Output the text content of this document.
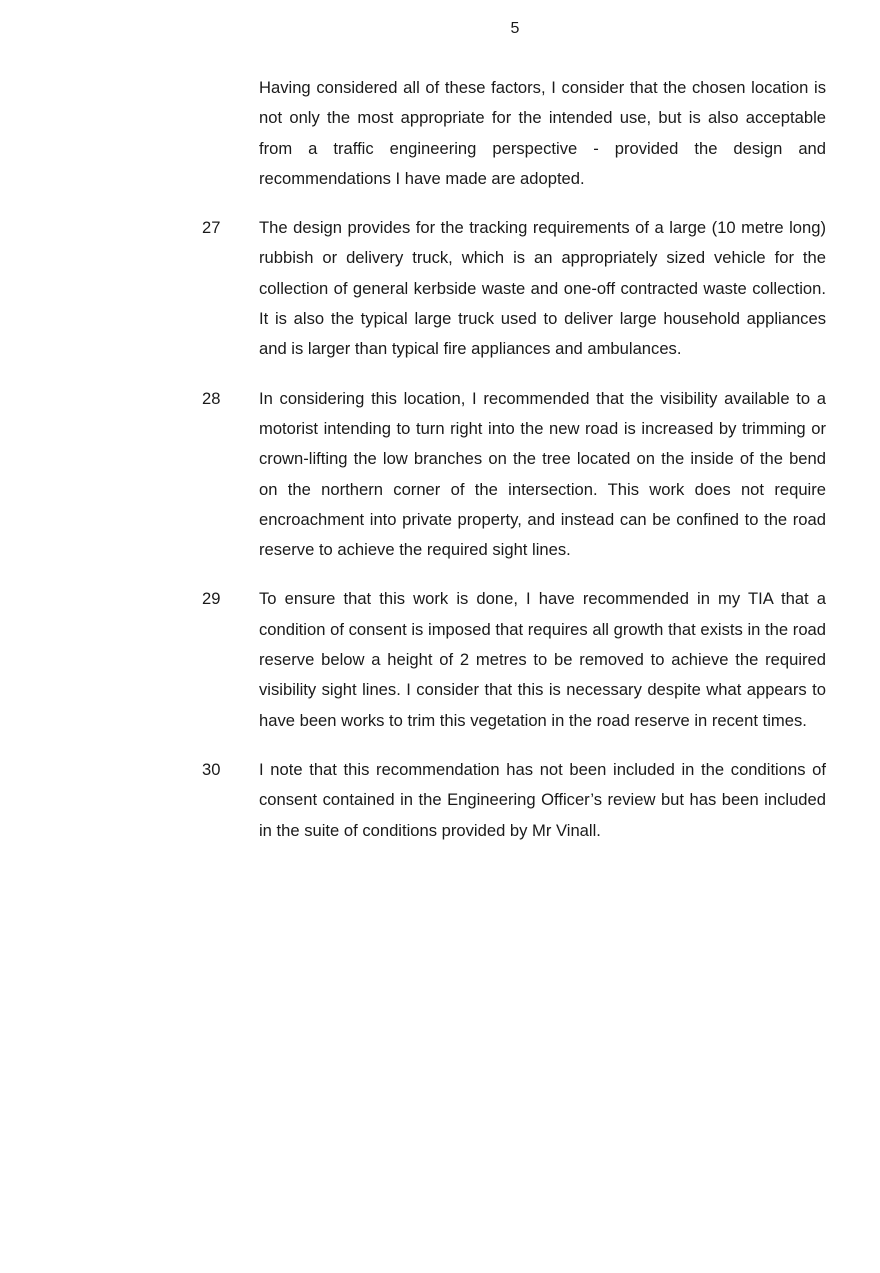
5
Having considered all of these factors, I consider that the chosen location is not only the most appropriate for the intended use, but is also acceptable from a traffic engineering perspective - provided the design and recommendations I have made are adopted.
27 The design provides for the tracking requirements of a large (10 metre long) rubbish or delivery truck, which is an appropriately sized vehicle for the collection of general kerbside waste and one-off contracted waste collection. It is also the typical large truck used to deliver large household appliances and is larger than typical fire appliances and ambulances.
28 In considering this location, I recommended that the visibility available to a motorist intending to turn right into the new road is increased by trimming or crown-lifting the low branches on the tree located on the inside of the bend on the northern corner of the intersection. This work does not require encroachment into private property, and instead can be confined to the road reserve to achieve the required sight lines.
29 To ensure that this work is done, I have recommended in my TIA that a condition of consent is imposed that requires all growth that exists in the road reserve below a height of 2 metres to be removed to achieve the required visibility sight lines. I consider that this is necessary despite what appears to have been works to trim this vegetation in the road reserve in recent times.
30 I note that this recommendation has not been included in the conditions of consent contained in the Engineering Officer’s review but has been included in the suite of conditions provided by Mr Vinall.
